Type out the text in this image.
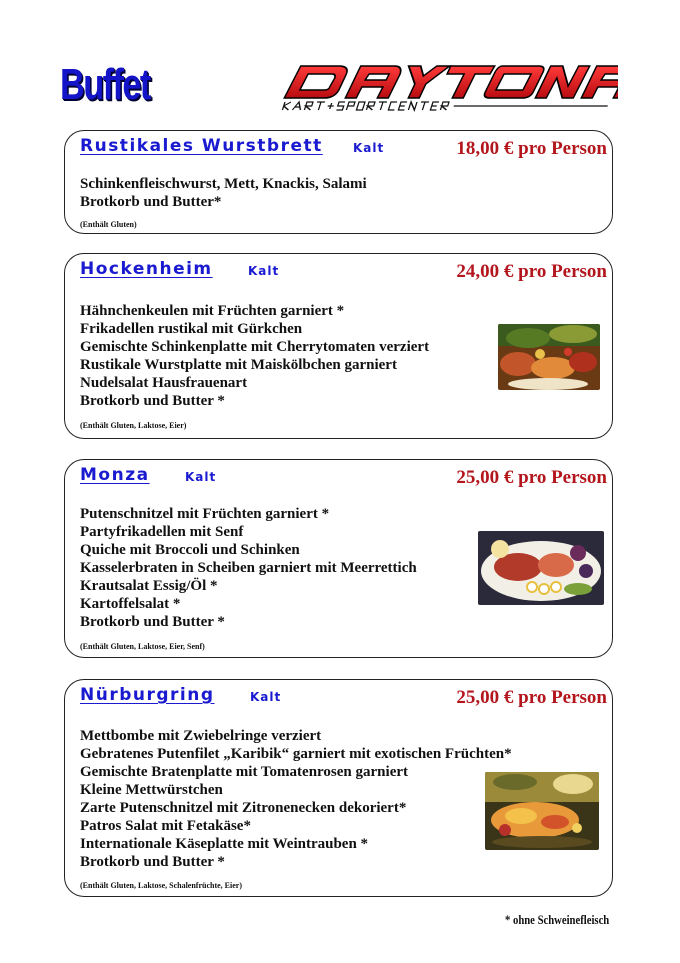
Buffet
Rustikales Wurstbrett	Kalt	18,00 € pro Person
Schinkenfleischwurst, Mett, Knackis, Salami
Brotkorb und Butter*
(Enthält Gluten)
Hockenheim	Kalt	24,00 € pro Person
Hähnchenkeulen mit Früchten garniert *
Frikadellen rustikal mit Gürkchen
Gemischte Schinkenplatte mit Cherrytomaten verziert
Rustikale Wurstplatte mit Maiskölbchen garniert
Nudelsalat Hausfrauenart
Brotkorb und Butter *
(Enthält Gluten, Laktose, Eier)
Monza	Kalt	25,00 € pro Person
Putenschnitzel mit Früchten garniert *
Partyfrikadellen mit Senf
Quiche mit Broccoli und Schinken
Kasselerbraten in Scheiben garniert mit Meerrettich
Krautsalat Essig/Öl *
Kartoffelsalat *
Brotkorb und Butter *
(Enthält Gluten, Laktose, Eier, Senf)
Nürburgring	Kalt	25,00 € pro Person
Mettbombe mit Zwiebelringe verziert
Gebratenes Putenfilet „Karibik“ garniert mit exotischen Früchten*
Gemischte Bratenplatte mit Tomatenrosen garniert
Kleine Mettwürstchen
Zarte Putenschnitzel mit Zitronenecken dekoriert*
Patros Salat mit Fetakäse*
Internationale Käseplatte mit Weintrauben *
Brotkorb und Butter *
(Enthält Gluten, Laktose, Schalenfrüchte, Eier)
* ohne Schweinefleisch
